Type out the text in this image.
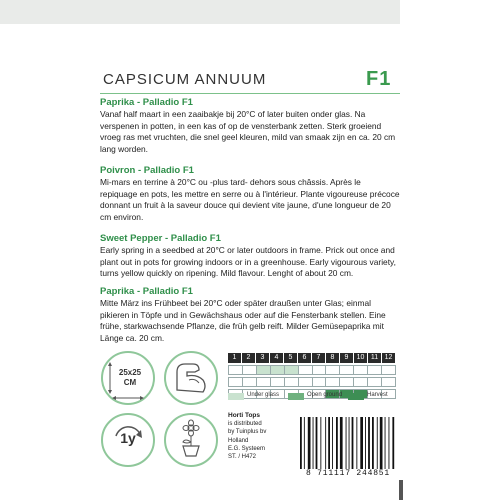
CAPSICUM ANNUUM	F1
Paprika - Palladio F1
Vanaf half maart in een zaaibakje bij 20°C of later buiten onder glas. Na verspenen in potten, in een kas of op de vensterbank zetten. Sterk groeiend vroeg ras met vruchten, die snel geel kleuren, mild van smaak zijn en ca. 20 cm lang worden.
Poivron - Palladio F1
Mi-mars en terrine à 20°C ou -plus tard- dehors sous châssis. Après le repiquage en pots, les mettre en serre ou à l'intérieur. Plante vigoureuse précoce donnant un fruit à la saveur douce qui devient vite jaune, d'une longueur de 20 cm environ.
Sweet Pepper - Palladio F1
Early spring in a seedbed at 20°C or later outdoors in frame. Prick out once and plant out in pots for growing indoors or in a greenhouse. Early vigourous variety, turns yellow quickly on ripening. Mild flavour. Lenght of about 20 cm.
Paprika - Palladio F1
Mitte März ins Frühbeet bei 20°C oder später draußen unter Glas; einmal pikieren in Töpfe und in Gewächshaus oder auf die Fensterbank stellen. Eine frühe, starkwachsende Pflanze, die früh gelb reift. Milder Gemüsepaprika mit Länge ca. 20 cm.
25x25
CM
1y
1	2	3	4	5	6	7	8	9	10 11 12
Under glass	Open ground	Harvest
Horti Tops
is distributed
by Tuinplus bv
Holland
E.G. Systeem
ST. / H472
8 711117 244851
